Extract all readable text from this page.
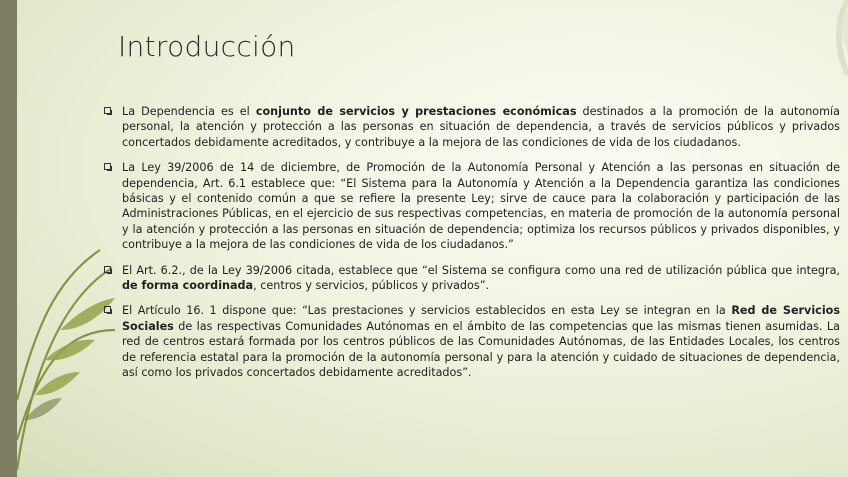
Introducción
La Dependencia es el conjunto de servicios y prestaciones económicas destinados a la promoción de la autonomía personal, la atención y protección a las personas en situación de dependencia, a través de servicios públicos y privados concertados debidamente acreditados, y contribuye a la mejora de las condiciones de vida de los ciudadanos.
La Ley 39/2006 de 14 de diciembre, de Promoción de la Autonomía Personal y Atención a las personas en situación de dependencia, Art. 6.1 establece que: “El Sistema para la Autonomía y Atención a la Dependencia garantiza las condiciones básicas y el contenido común a que se refiere la presente Ley; sirve de cauce para la colaboración y participación de las Administraciones Públicas, en el ejercicio de sus respectivas competencias, en materia de promoción de la autonomía personal y la atención y protección a las personas en situación de dependencia; optimiza los recursos públicos y privados disponibles, y contribuye a la mejora de las condiciones de vida de los ciudadanos.”
El Art. 6.2., de la Ley 39/2006 citada, establece que “el Sistema se configura como una red de utilización pública que integra, de forma coordinada, centros y servicios, públicos y privados”.
El Artículo 16. 1 dispone que: “Las prestaciones y servicios establecidos en esta Ley se integran en la Red de Servicios Sociales de las respectivas Comunidades Autónomas en el ámbito de las competencias que las mismas tienen asumidas. La red de centros estará formada por los centros públicos de las Comunidades Autónomas, de las Entidades Locales, los centros de referencia estatal para la promoción de la autonomía personal y para la atención y cuidado de situaciones de dependencia, así como los privados concertados debidamente acreditados”.
